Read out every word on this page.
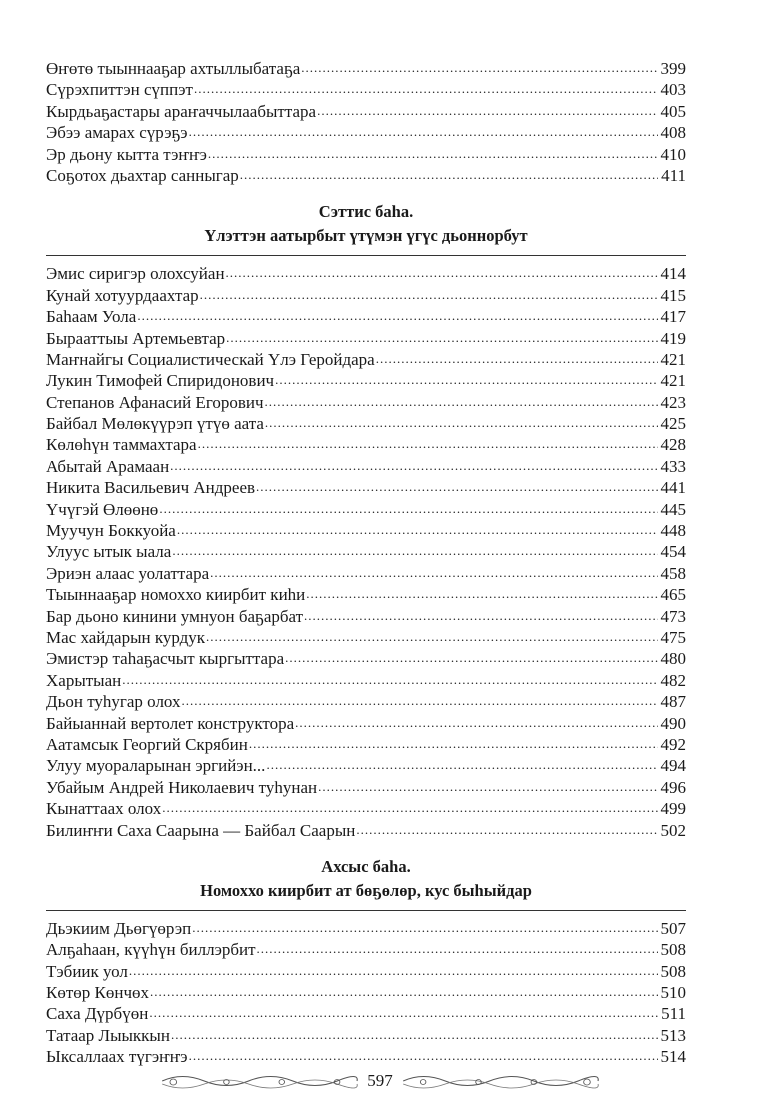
Өҥөтө тыыннааҕар ахтыллыбатаҕа .....	399
Сүрэхпиттэн сүппэт .....	403
Кырдьаҕастары араҥаччылаабыттара .....	405
Эбээ амарах сүрэҕэ .....	408
Эр дьону кытта тэҥҥэ .....	410
Соҕотох дьахтар санныгар .....	411
Сэттис баһа.
Үлэттэн аатырбыт үтүмэн үгүс дьоннорбут
Эмис сиригэр олохсуйан .....	414
Кунай хотуурдаахтар .....	415
Баһаам Уола .....	417
Бырааттыы Артемьевтар .....	419
Маҥнайгы Социалистическай Үлэ Геройдара .....	421
Лукин Тимофей Спиридонович .....	421
Степанов Афанасий Егорович .....	423
Байбал Мөлөкүүрэп үтүө аата .....	425
Көлөһүн таммахтара .....	428
Абытай Арамаан .....	433
Никита Васильевич Андреев .....	441
Үчүгэй Өлөөнө .....	445
Муучун Боккуойа .....	448
Улуус ытык ыала .....	454
Эриэн алаас уолаттара .....	458
Тыыннааҕар номоххо киирбит киһи .....	465
Бар дьоно кинини умнуон баҕарбат .....	473
Мас хайдарын курдук .....	475
Эмистэр таһаҕасчыт кыргыттара .....	480
Харытыан .....	482
Дьон туһугар олох .....	487
Байыаннай вертолет конструктора .....	490
Аатамсык Георгий Скрябин .....	492
Улуу муораларынан эргийэн... .....	494
Убайым Андрей Николаевич туһунан .....	496
Кынаттаах олох .....	499
Билиҥҥи Саха Саарына — Байбал Саарын .....	502
Ахсыс баһа.
Номоххо киирбит ат бөҕөлөр, кус быһыйдар
Дьэкиим Дьөгүөрэп .....	507
Алҕаһаан, күүһүн биллэрбит .....	508
Тэбиик уол .....	508
Көтөр Көнчөх .....	510
Саха Дүрбүөн .....	511
Татаар Лыыккын .....	513
Ыксаллаах түгэҥҥэ .....	514
597
